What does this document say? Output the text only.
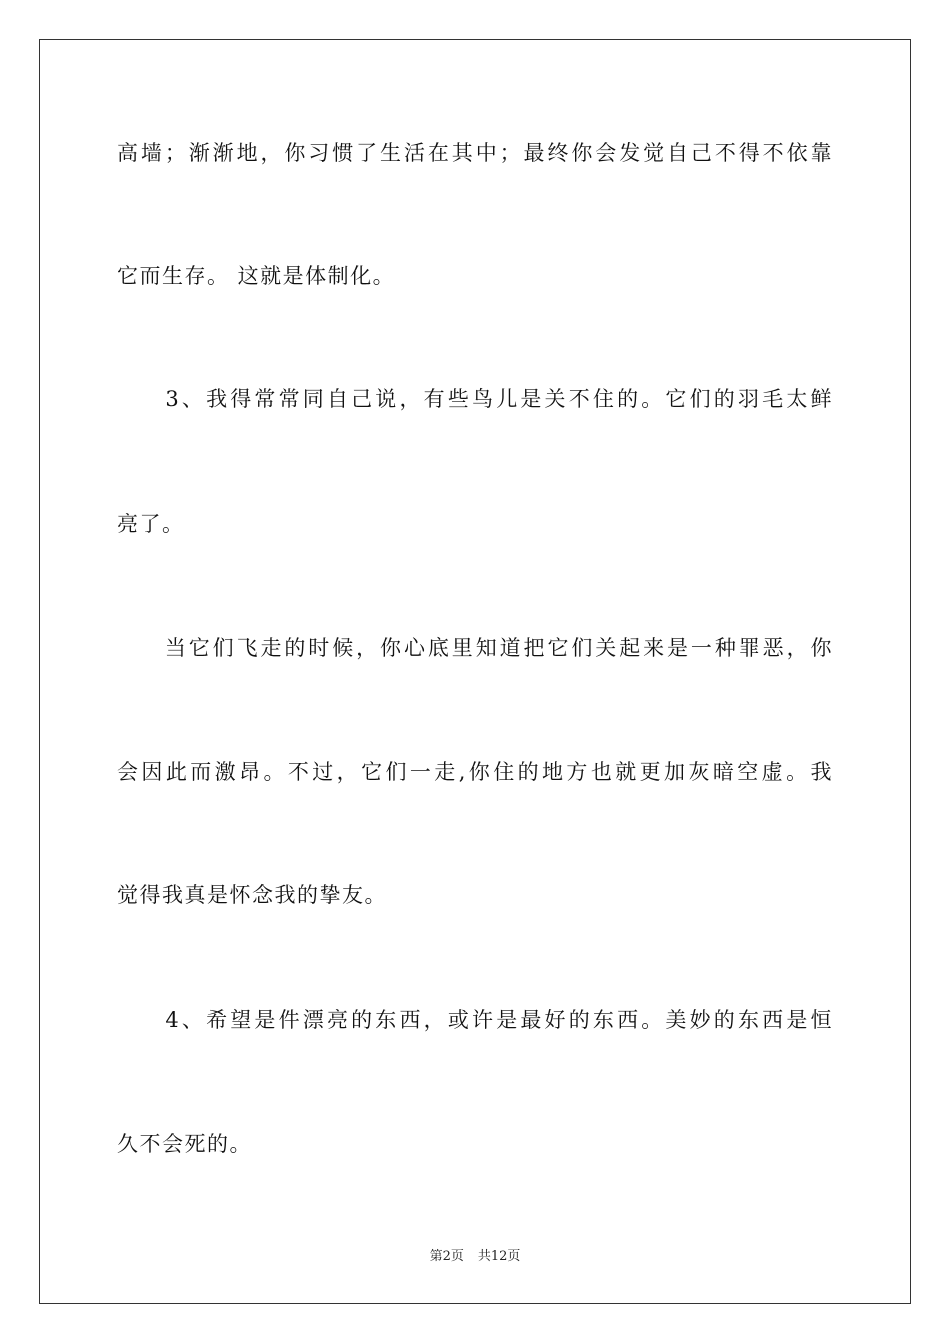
高墙；渐渐地，你习惯了生活在其中；最终你会发觉自己不得不依靠
它而生存。 这就是体制化。
　　3、我得常常同自己说，有些鸟儿是关不住的。它们的羽毛太鲜
亮了。
　　当它们飞走的时候，你心底里知道把它们关起来是一种罪恶，你
会因此而激昂。不过，它们一走,你住的地方也就更加灰暗空虚。我
觉得我真是怀念我的挚友。
　　4、希望是件漂亮的东西，或许是最好的东西。美妙的东西是恒
久不会死的。
第2页 共12页
